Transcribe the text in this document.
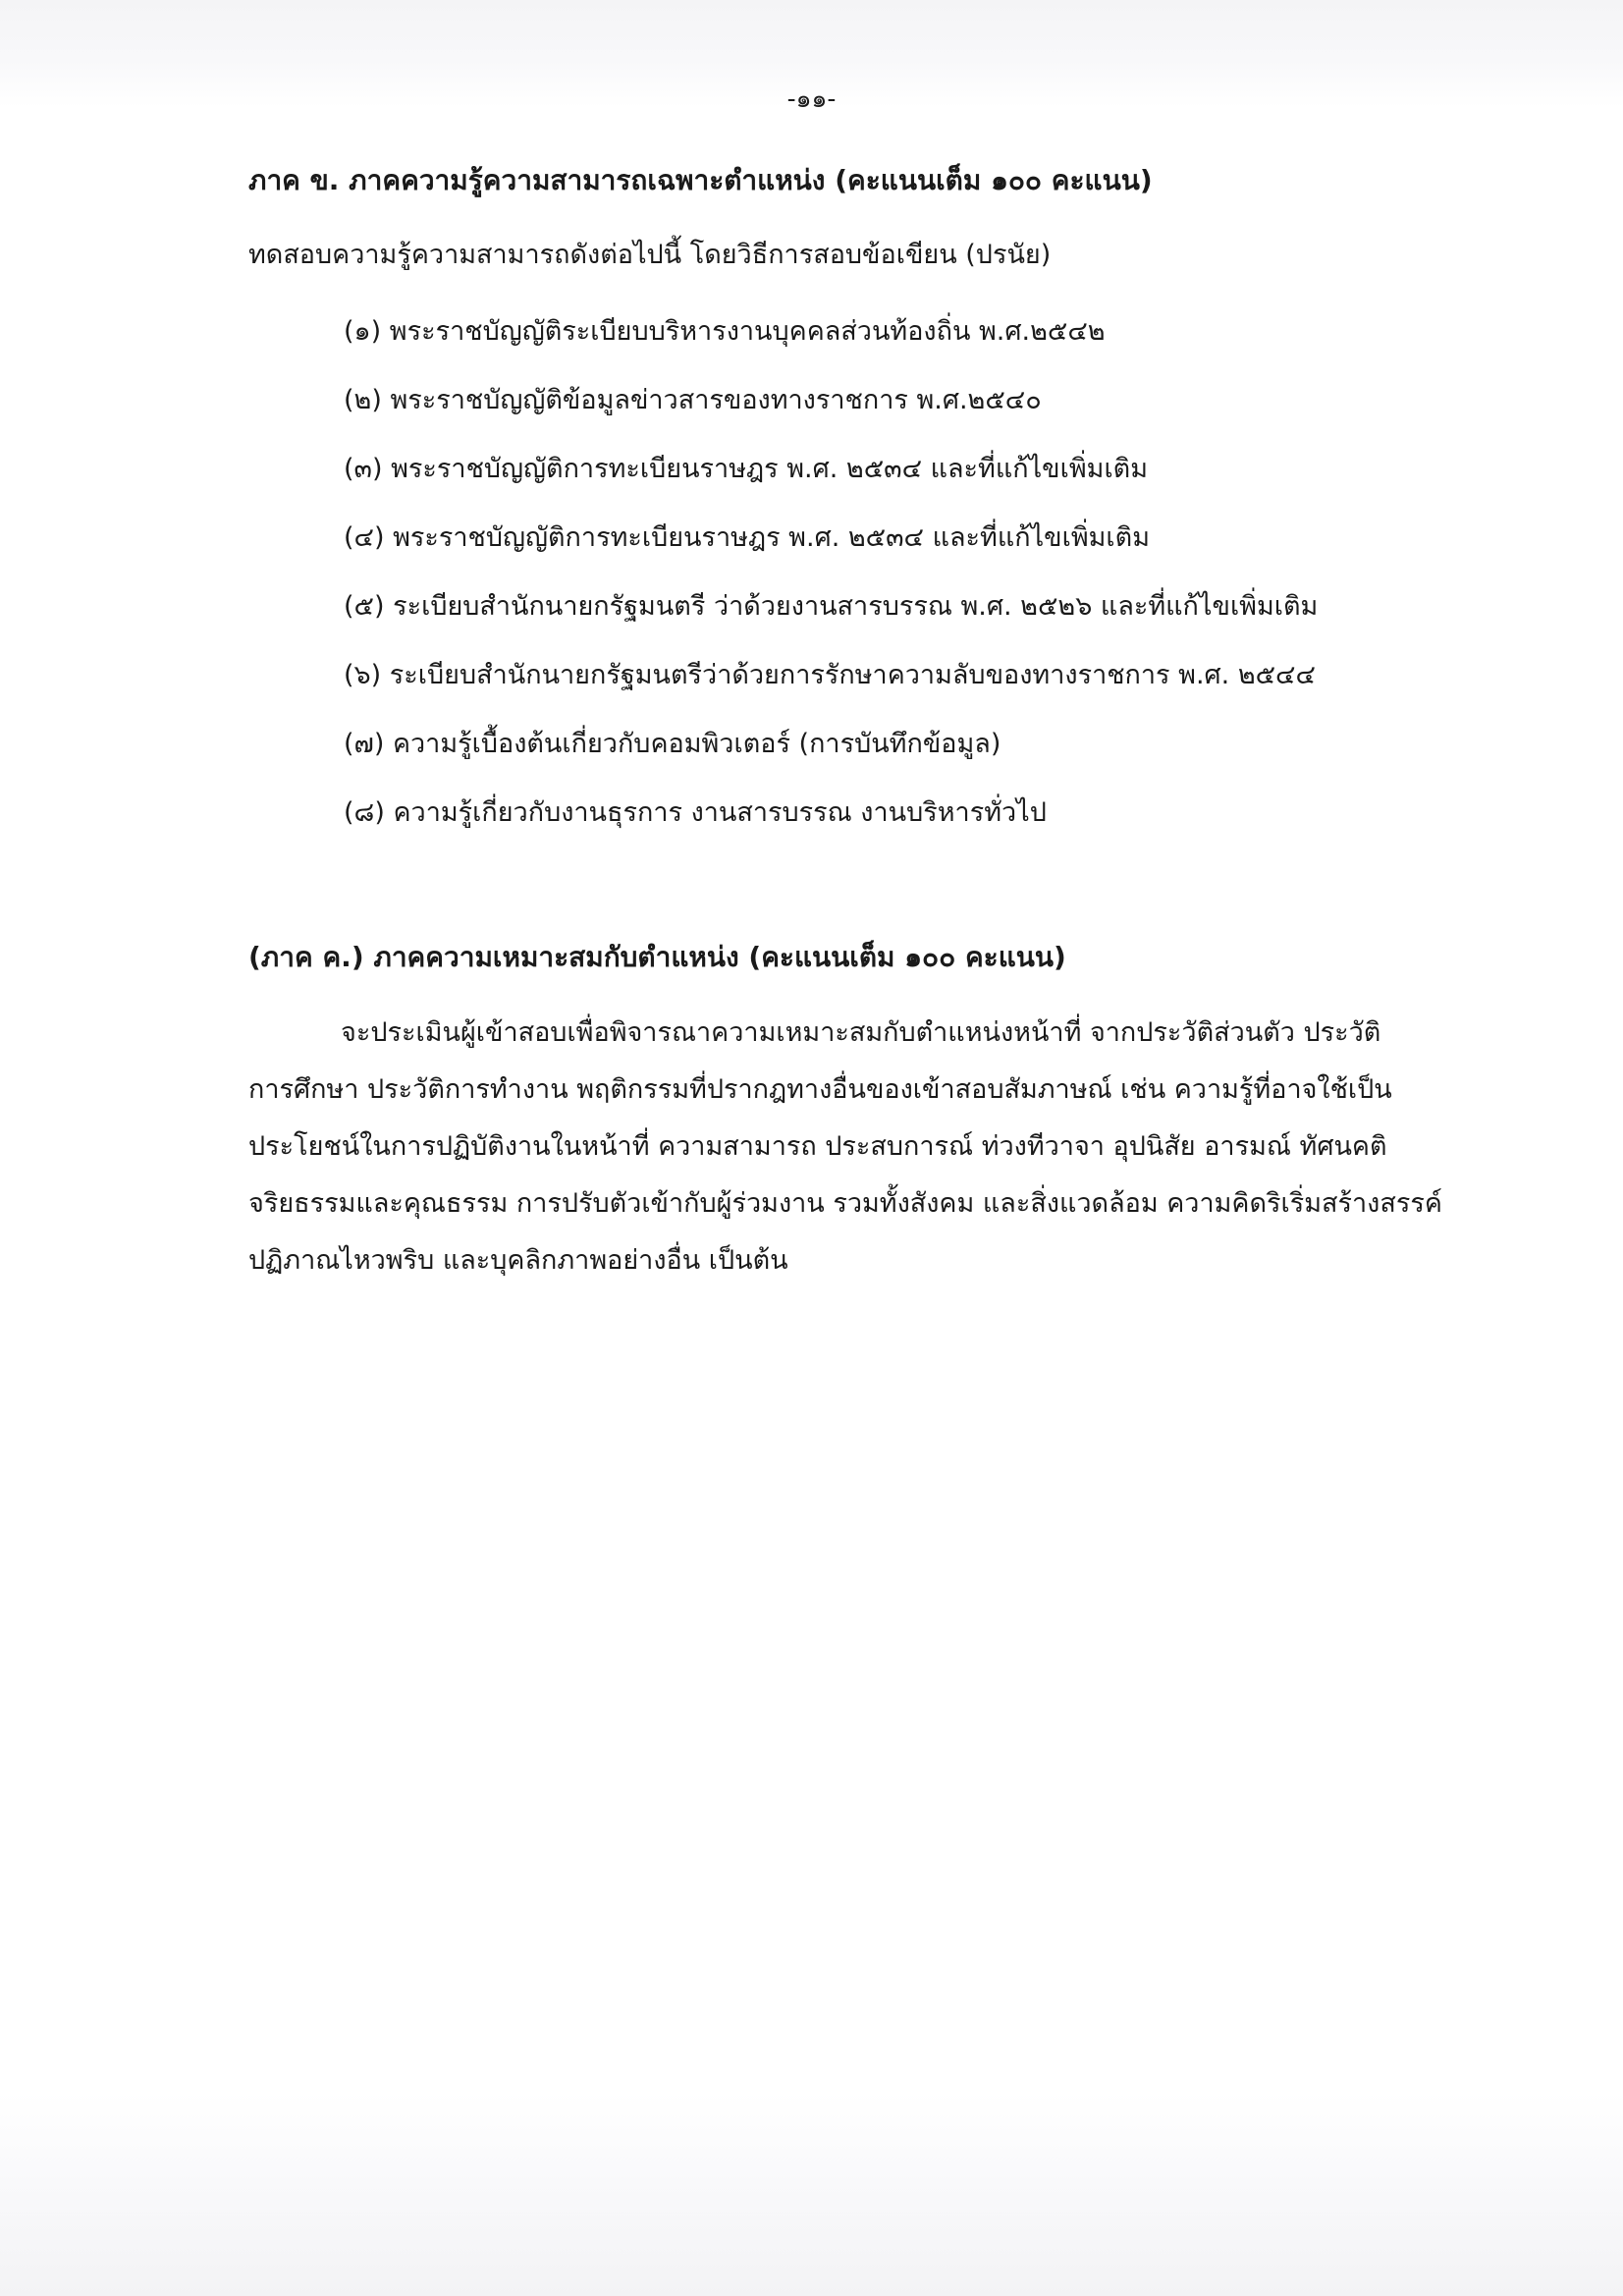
-๑๑-
ภาค ข. ภาคความรู้ความสามารถเฉพาะตำแหน่ง (คะแนนเต็ม ๑๐๐ คะแนน)
ทดสอบความรู้ความสามารถดังต่อไปนี้ โดยวิธีการสอบข้อเขียน (ปรนัย)
(๑) พระราชบัญญัติระเบียบบริหารงานบุคคลส่วนท้องถิ่น พ.ศ.๒๕๔๒
(๒) พระราชบัญญัติข้อมูลข่าวสารของทางราชการ พ.ศ.๒๕๔๐
(๓) พระราชบัญญัติการทะเบียนราษฎร พ.ศ. ๒๕๓๔ และที่แก้ไขเพิ่มเติม
(๔) พระราชบัญญัติการทะเบียนราษฎร พ.ศ. ๒๕๓๔ และที่แก้ไขเพิ่มเติม
(๕) ระเบียบสำนักนายกรัฐมนตรี ว่าด้วยงานสารบรรณ พ.ศ. ๒๕๒๖ และที่แก้ไขเพิ่มเติม
(๖) ระเบียบสำนักนายกรัฐมนตรีว่าด้วยการรักษาความลับของทางราชการ พ.ศ. ๒๕๔๔
(๗) ความรู้เบื้องต้นเกี่ยวกับคอมพิวเตอร์ (การบันทึกข้อมูล)
(๘) ความรู้เกี่ยวกับงานธุรการ งานสารบรรณ งานบริหารทั่วไป
(ภาค ค.) ภาคความเหมาะสมกับตำแหน่ง (คะแนนเต็ม ๑๐๐ คะแนน)
จะประเมินผู้เข้าสอบเพื่อพิจารณาความเหมาะสมกับตำแหน่งหน้าที่ จากประวัติส่วนตัว ประวัติ
การศึกษา ประวัติการทำงาน พฤติกรรมที่ปรากฎทางอื่นของเข้าสอบสัมภาษณ์ เช่น ความรู้ที่อาจใช้เป็น
ประโยชน์ในการปฏิบัติงานในหน้าที่ ความสามารถ ประสบการณ์ ท่วงทีวาจา อุปนิสัย อารมณ์ ทัศนคติ
จริยธรรมและคุณธรรม การปรับตัวเข้ากับผู้ร่วมงาน รวมทั้งสังคม และสิ่งแวดล้อม ความคิดริเริ่มสร้างสรรค์
ปฏิภาณไหวพริบ และบุคลิกภาพอย่างอื่น เป็นต้น
